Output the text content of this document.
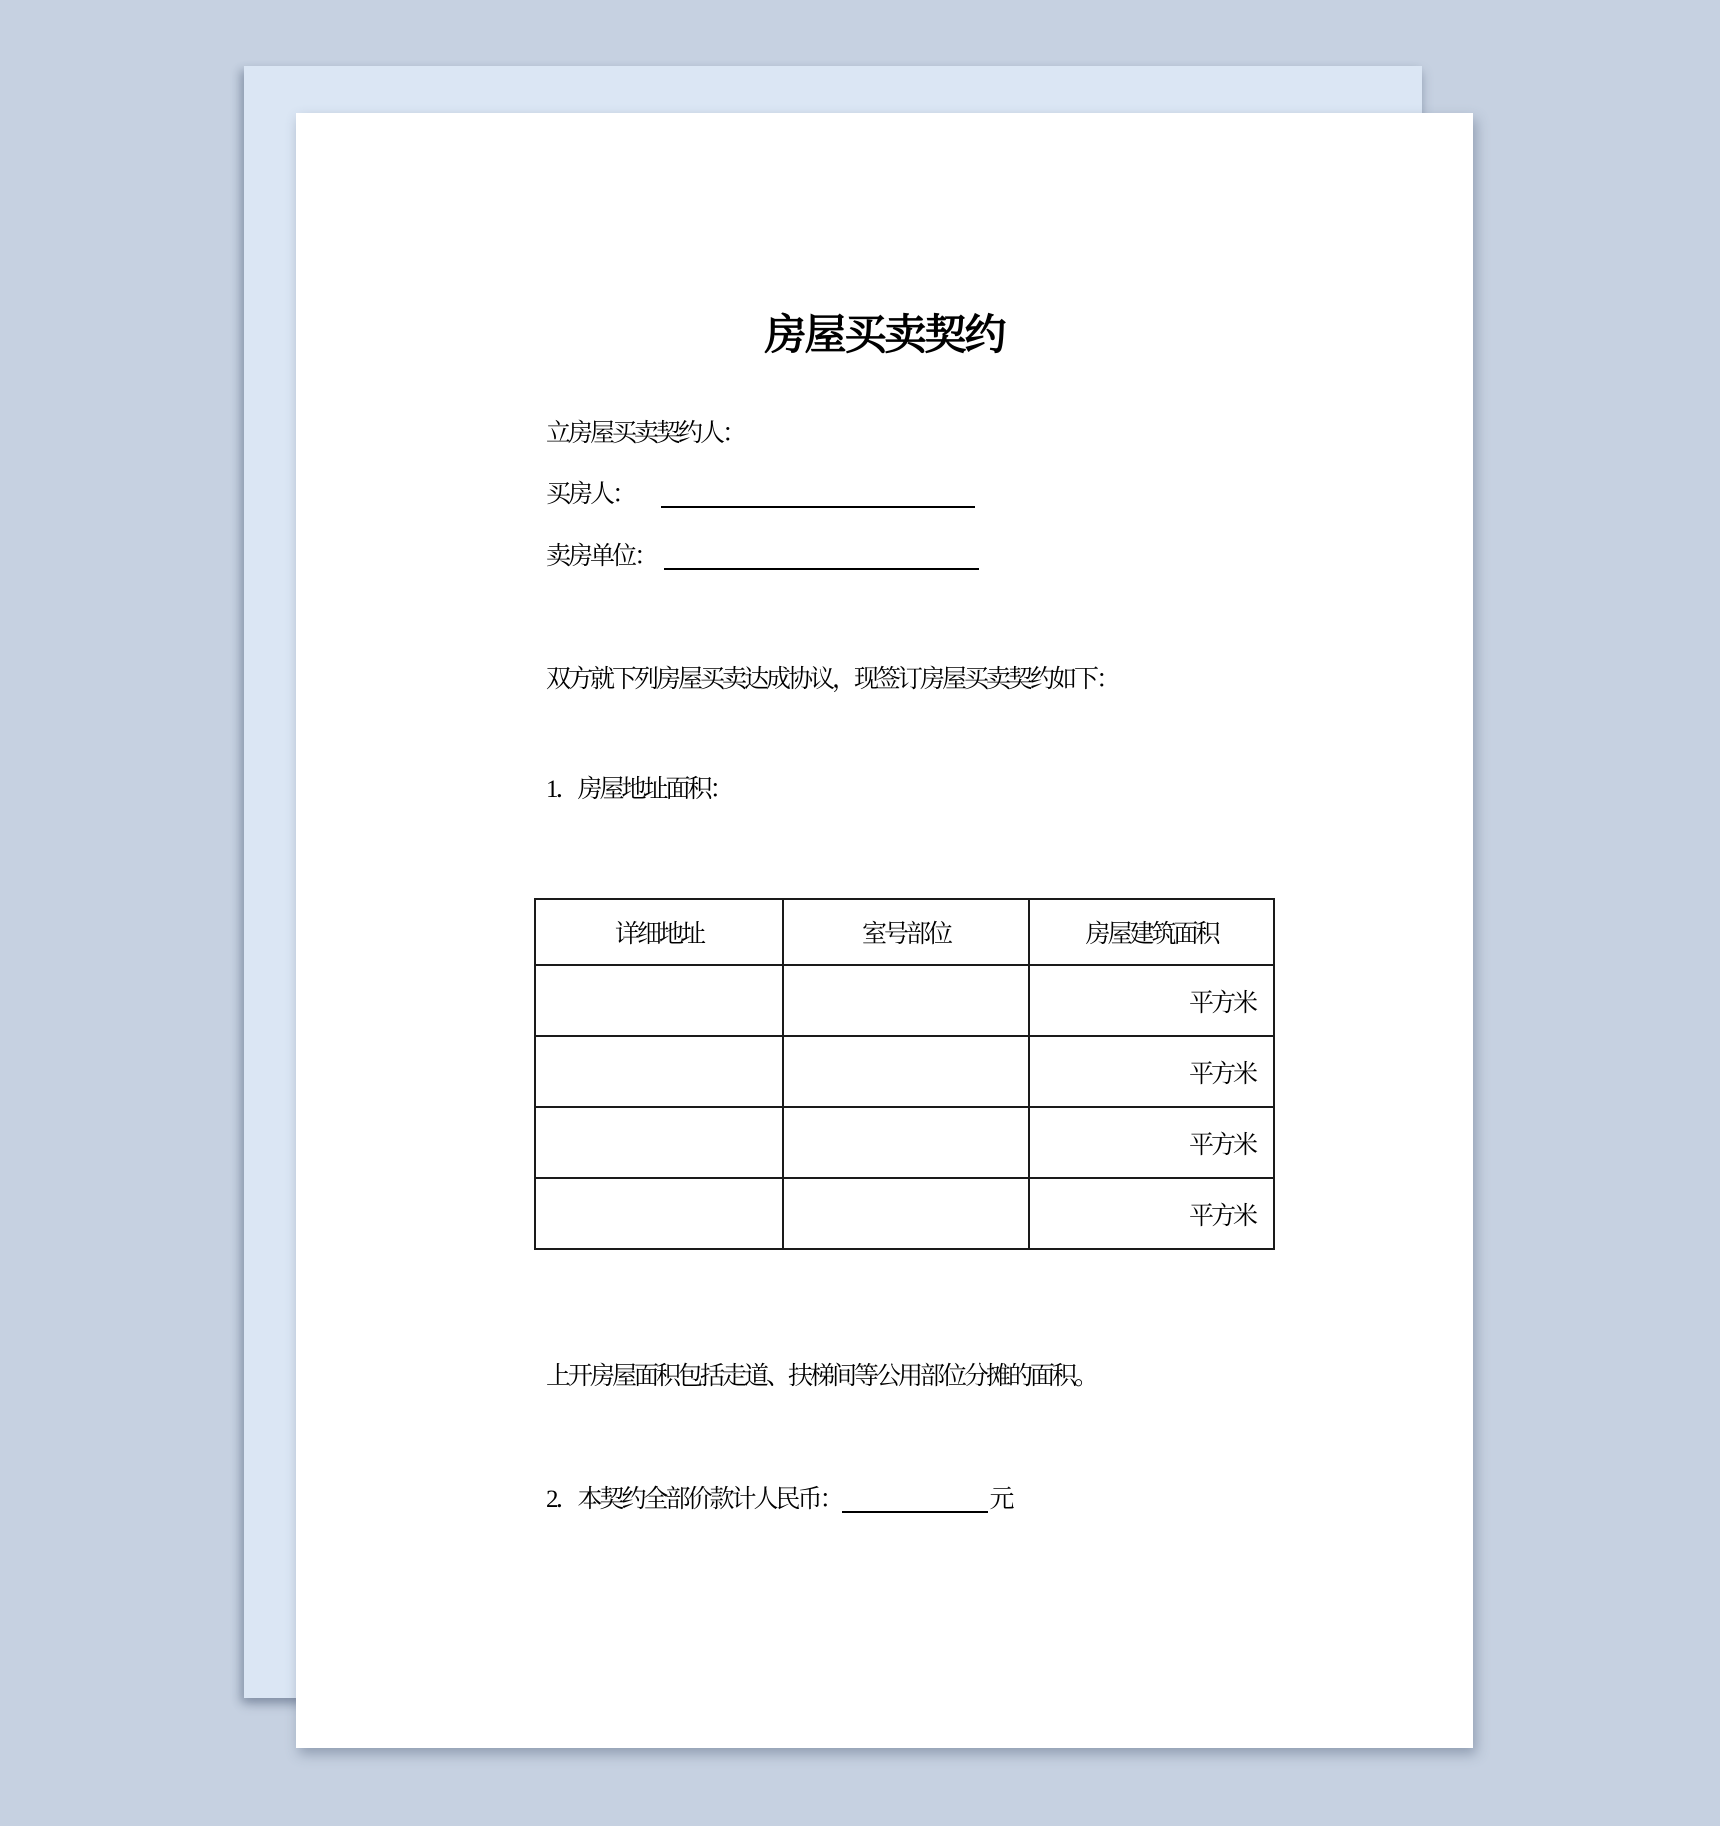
房屋买卖契约
立房屋买卖契约人：
买房人：
卖房单位：
双方就下列房屋买卖达成协议，现签订房屋买卖契约如下：
1．房屋地址面积：
详细地址	室号部位	房屋建筑面积
		平方米
		平方米
		平方米
		平方米
上开房屋面积包括走道、扶梯间等公用部位分摊的面积。
2．本契约全部价款计人民币：	元
